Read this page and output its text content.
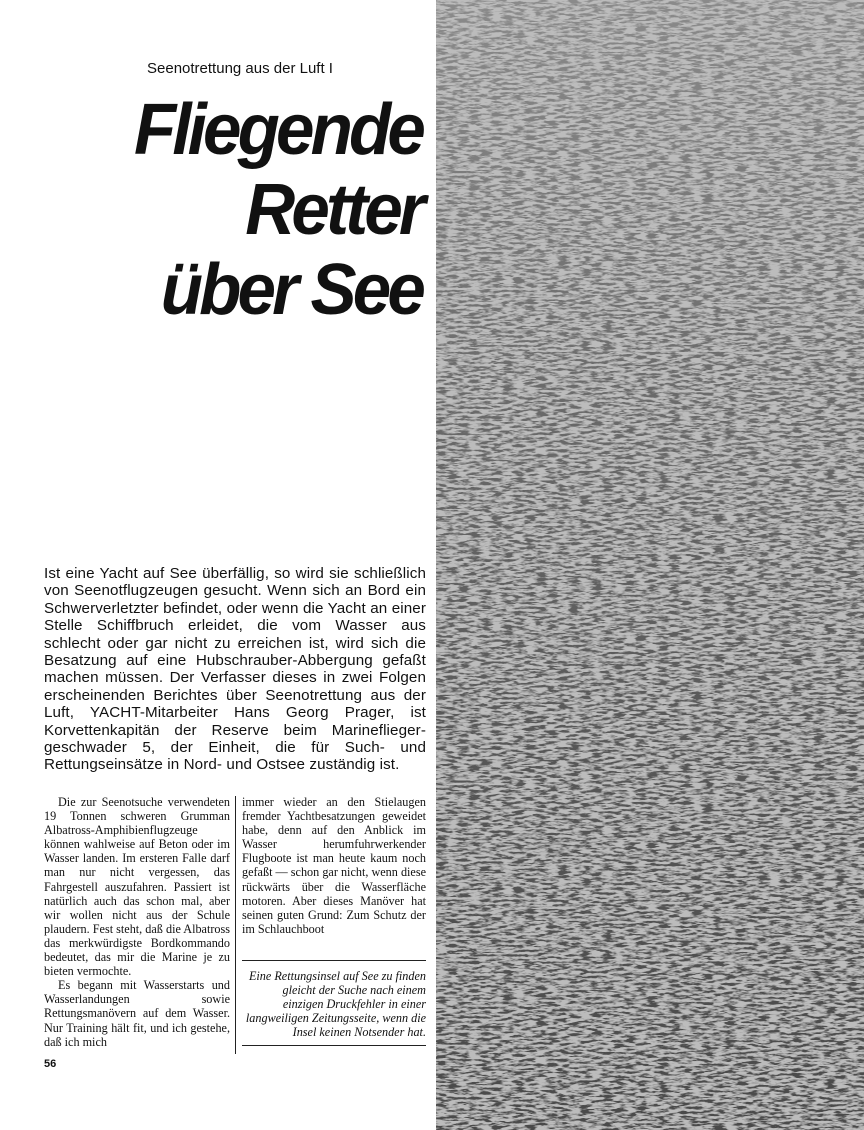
Seenotrettung aus der Luft I
Fliegende
Retter
über See

Ist eine Yacht auf See überfällig, so wird sie schließlich von Seenotflugzeugen gesucht. Wenn sich an Bord ein Schwerverletzter befindet, oder wenn die Yacht an einer Stelle Schiffbruch erleidet, die vom Wasser aus schlecht oder gar nicht zu erreichen ist, wird sich die Besatzung auf eine Hubschrauber-Abbergung gefaßt machen müssen. Der Verfasser dieses in zwei Folgen erscheinenden Berichtes über Seenotrettung aus der Luft, YACHT-Mitarbeiter Hans Georg Prager, ist Korvettenkapitän der Reserve beim Marineflieger-geschwader 5, der Einheit, die für Such- und Rettungseinsätze in Nord- und Ostsee zuständig ist.

Die zur Seenotsuche verwendeten 19 Tonnen schweren Grumman Albatross-Amphibienflugzeuge können wahlweise auf Beton oder im Wasser landen. Im ersteren Falle darf man nur nicht vergessen, das Fahrgestell auszufahren. Passiert ist natürlich auch das schon mal, aber wir wollen nicht aus der Schule plaudern. Fest steht, daß die Albatross das merkwürdigste Bordkommando bedeutet, das mir die Marine je zu bieten vermochte.

Es begann mit Wasserstarts und Wasserlandungen sowie Rettungsmanövern auf dem Wasser. Nur Training hält fit, und ich gestehe, daß ich mich

immer wieder an den Stielaugen fremder Yachtbesatzungen geweidet habe, denn auf den Anblick im Wasser herumfuhrwerkender Flugboote ist man heute kaum noch gefaßt — schon gar nicht, wenn diese rückwärts über die Wasserfläche motoren. Aber dieses Manöver hat seinen guten Grund: Zum Schutz der im Schlauchboot

Eine Rettungsinsel auf See zu finden gleicht der Suche nach einem einzigen Druckfehler in einer langweiligen Zeitungsseite, wenn die Insel keinen Notsender hat.

56
